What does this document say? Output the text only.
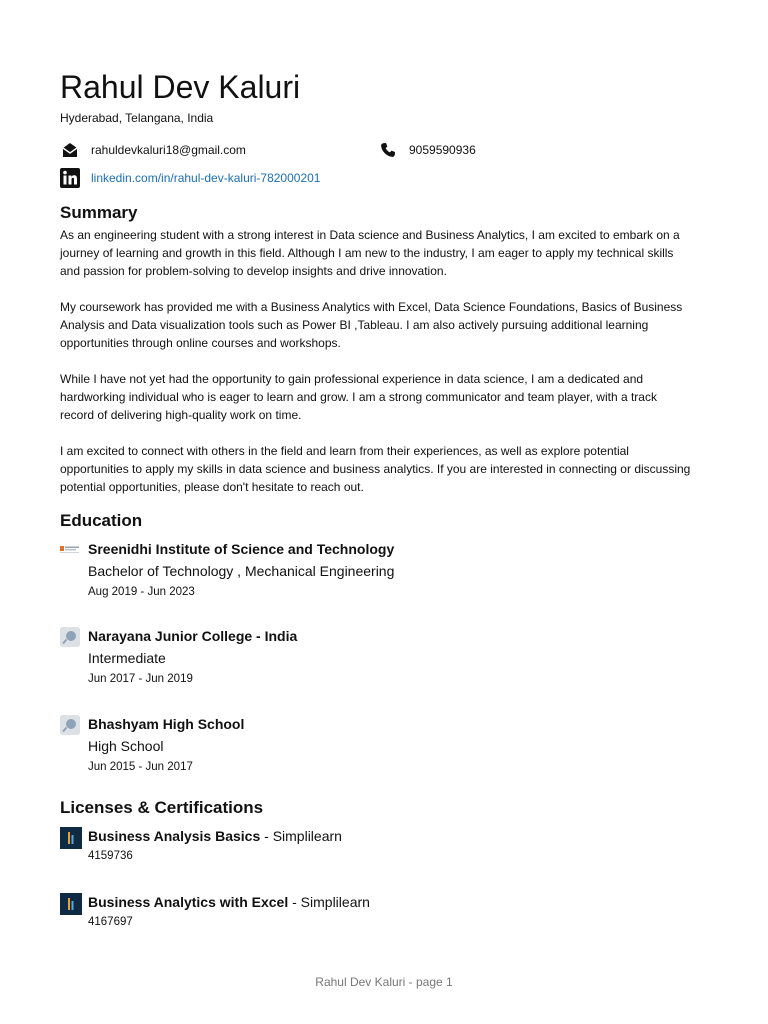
Rahul Dev Kaluri
Hyderabad, Telangana, India
rahuldevkaluri18@gmail.com	9059590936
linkedin.com/in/rahul-dev-kaluri-782000201
Summary

As an engineering student with a strong interest in Data science and Business Analytics, I am excited to embark on a journey of learning and growth in this field. Although I am new to the industry, I am eager to apply my technical skills and passion for problem-solving to develop insights and drive innovation.

My coursework has provided me with a Business Analytics with Excel, Data Science Foundations, Basics of Business Analysis and Data visualization tools such as Power BI ,Tableau. I am also actively pursuing additional learning opportunities through online courses and workshops.

While I have not yet had the opportunity to gain professional experience in data science, I am a dedicated and hardworking individual who is eager to learn and grow. I am a strong communicator and team player, with a track record of delivering high-quality work on time.

I am excited to connect with others in the field and learn from their experiences, as well as explore potential opportunities to apply my skills in data science and business analytics. If you are interested in connecting or discussing potential opportunities, please don't hesitate to reach out.

Education
Sreenidhi Institute of Science and Technology
Bachelor of Technology , Mechanical Engineering
Aug 2019 - Jun 2023
Narayana Junior College - India
Intermediate
Jun 2017 - Jun 2019
Bhashyam High School
High School
Jun 2015 - Jun 2017
Licenses & Certifications
Business Analysis Basics - Simplilearn
4159736
Business Analytics with Excel - Simplilearn
4167697
Rahul Dev Kaluri - page 1
